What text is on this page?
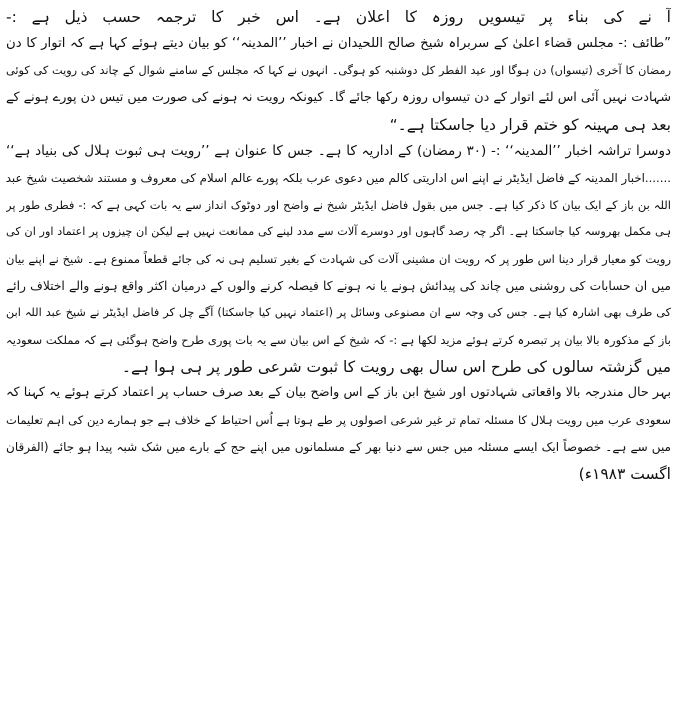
آ نے کی بناء پر تیسویں روزہ کا اعلان ہے۔ اس خبر کا ترجمہ حسب ذیل ہے :-
”طائف :- مجلس قضاء اعلیٰ کے سربراہ شیخ صالح اللحیدان نے اخبار ’’المدینہ‘‘ کو بیان دیتے ہوئے کہا ہے کہ اتوار کا دن
رمضان کا آخری (تیسواں) دن ہوگا اور عید الفطر کل دوشنبہ کو ہوگی۔ انہوں نے کہا کہ مجلس کے سامنے شوال کے چاند کی رویت کی کوئی
شہادت نہیں آئی اس لئے اتوار کے دن تیسواں روزہ رکھا جائے گا۔ کیونکہ رویت نہ ہونے کی صورت میں تیس دن پورے ہونے کے
بعد ہی مہینہ کو ختم قرار دیا جاسکتا ہے۔“
دوسرا تراشہ اخبار ’’المدینہ‘‘ :- (۳۰ رمضان) کے اداریہ کا ہے۔ جس کا عنوان ہے ’’رویت ہی ثبوت ہلال کی بنیاد ہے‘‘
.......اخبار المدینہ کے فاضل ایڈیٹر نے اپنے اس اداریتی کالم میں دعوی عرب بلکہ پورے عالم اسلام کی معروف و مستند شخصیت شیخ عبد
اللہ بن باز کے ایک بیان کا ذکر کیا ہے۔ جس میں بقول فاضل ایڈیٹر شیخ نے واضح اور دوٹوک انداز سے یہ بات کہی ہے کہ :- فطری طور پر
ہی مکمل بھروسہ کیا جاسکتا ہے۔ اگر چہ رصد گاہوں اور دوسرے آلات سے مدد لینے کی ممانعت نہیں ہے لیکن ان چیزوں پر اعتماد اور ان کی
رویت کو معیار قرار دینا اس طور پر کہ رویت ان مشینی آلات کی شہادت کے بغیر تسلیم ہی نہ کی جائے قطعاً ممنوع ہے۔ شیخ نے اپنے بیان
میں ان حسابات کی روشنی میں چاند کی پیدائش ہونے یا نہ ہونے کا فیصلہ کرنے والوں کے درمیان اکثر واقع ہونے والے اختلاف رائے
کی طرف بھی اشارہ کیا ہے۔ جس کی وجہ سے ان مصنوعی وسائل پر (اعتماد نہیں کیا جاسکتا) آگے چل کر فاضل ایڈیٹر نے شیخ عبد اللہ ابن
باز کے مذکورہ بالا بیان پر تبصرہ کرتے ہوئے مزید لکھا ہے :- کہ شیخ کے اس بیان سے یہ بات پوری طرح واضح ہوگئی ہے کہ مملکت سعودیہ
میں گزشتہ سالوں کی طرح اس سال بھی رویت کا ثبوت شرعی طور پر ہی ہوا ہے۔
بہر حال مندرجہ بالا واقعاتی شہادتوں اور شیخ ابن باز کے اس واضح بیان کے بعد صرف حساب پر اعتماد کرتے ہوئے یہ کہنا کہ
سعودی عرب میں رویت ہلال کا مسئلہ تمام تر غیر شرعی اصولوں پر طے ہوتا ہے اُس احتیاط کے خلاف ہے جو ہمارے دین کی اہم تعلیمات
میں سے ہے۔ خصوصاً ایک ایسے مسئلہ میں جس سے دنیا بھر کے مسلمانوں میں اپنے حج کے بارے میں شک شبہ پیدا ہو جائے (الفرقان
اگست ۱۹۸۳ء)
